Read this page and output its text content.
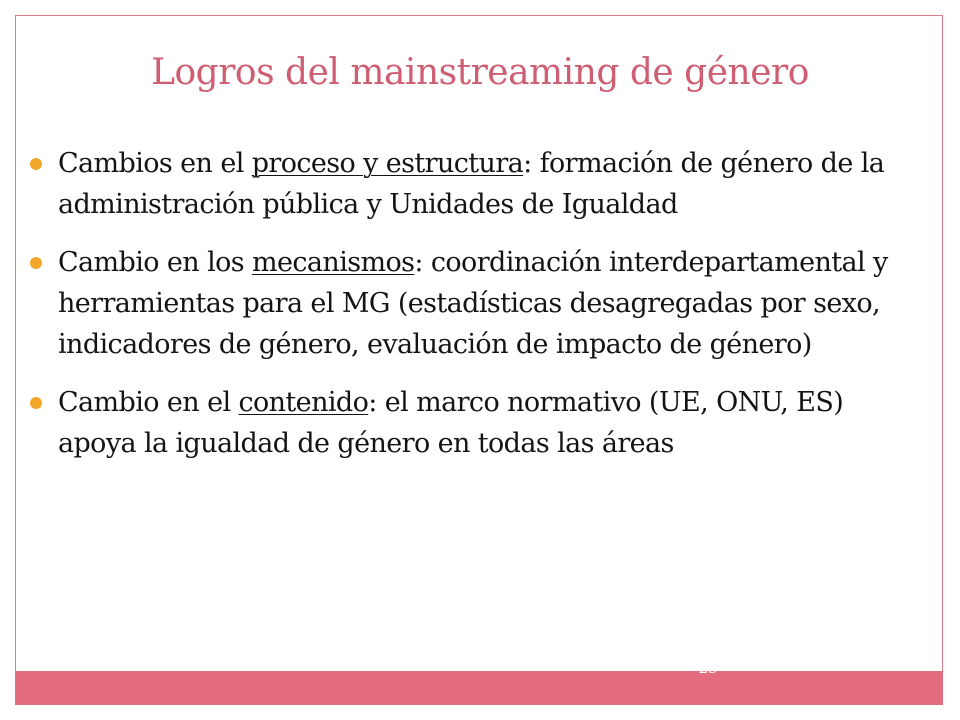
23
Logros del mainstreaming de género
Cambios en el proceso y estructura: formación de género de la administración pública y Unidades de Igualdad
Cambio en los mecanismos: coordinación interdepartamental y herramientas para el MG (estadísticas desagregadas por sexo, indicadores de género, evaluación de impacto de género)
Cambio en el contenido: el marco normativo (UE, ONU, ES) apoya la igualdad de género en todas las áreas
